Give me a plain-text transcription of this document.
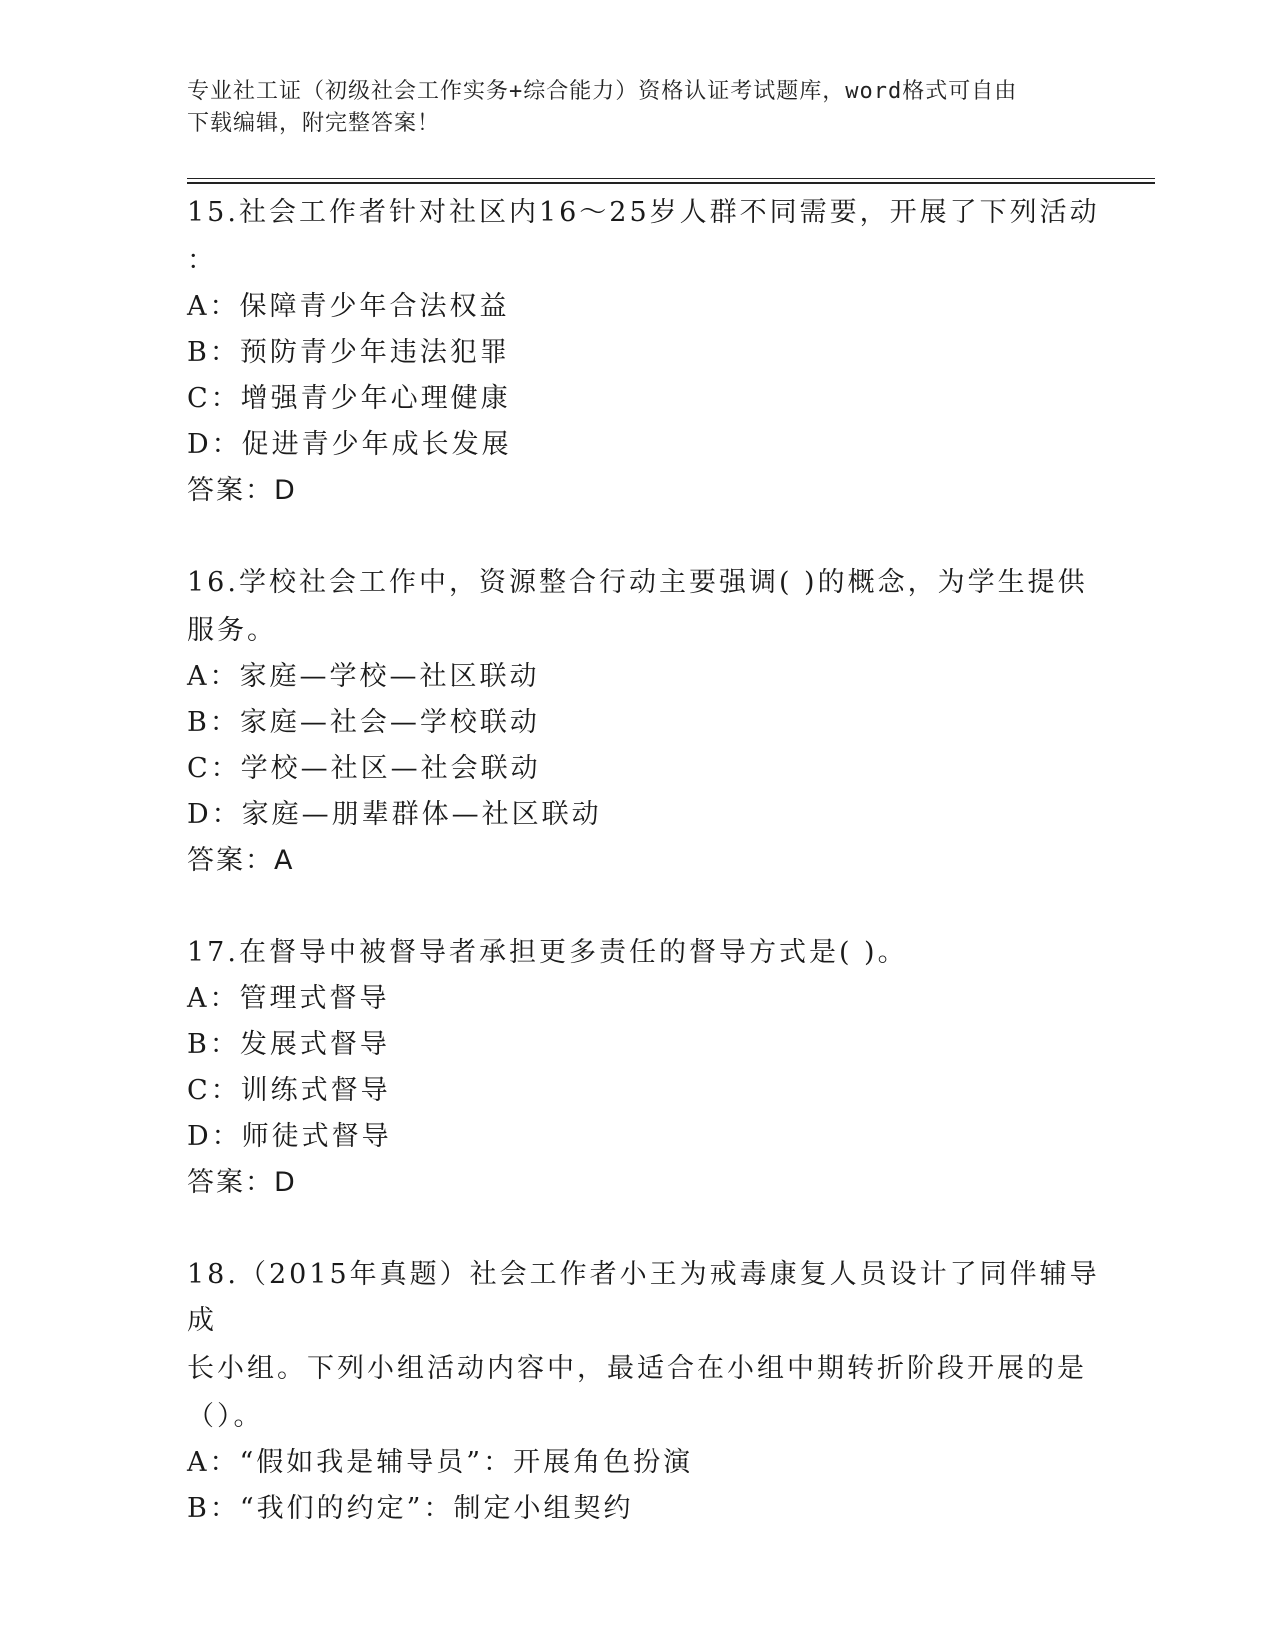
专业社工证（初级社会工作实务+综合能力）资格认证考试题库，word格式可自由
下载编辑，附完整答案！
15.社会工作者针对社区内16～25岁人群不同需要，开展了下列活动
：
A：保障青少年合法权益
B：预防青少年违法犯罪
C：增强青少年心理健康
D：促进青少年成长发展
答案：D
16.学校社会工作中，资源整合行动主要强调( )的概念，为学生提供
服务。
A：家庭—学校—社区联动
B：家庭—社会—学校联动
C：学校—社区—社会联动
D：家庭—朋辈群体—社区联动
答案：A
17.在督导中被督导者承担更多责任的督导方式是( )。
A：管理式督导
B：发展式督导
C：训练式督导
D：师徒式督导
答案：D
18.（2015年真题）社会工作者小王为戒毒康复人员设计了同伴辅导成
长小组。下列小组活动内容中，最适合在小组中期转折阶段开展的是
（）。
A：“假如我是辅导员”：开展角色扮演
B：“我们的约定”：制定小组契约
